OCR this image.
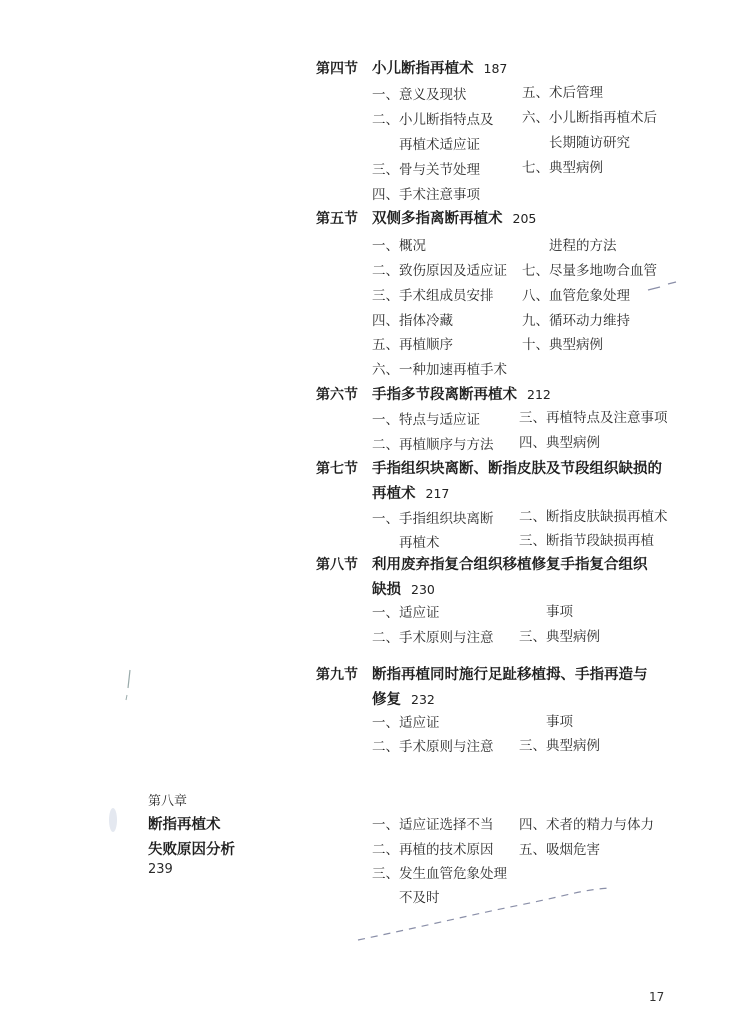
第四节 小儿断指再植术 187
一、意义及现状
二、小儿断指特点及
再植术适应证
三、骨与关节处理
四、手术注意事项
五、术后管理
六、小儿断指再植术后
长期随访研究
七、典型病例
第五节 双侧多指离断再植术 205
一、概况
二、致伤原因及适应证
三、手术组成员安排
四、指体冷藏
五、再植顺序
六、一种加速再植手术
进程的方法
七、尽量多地吻合血管
八、血管危象处理
九、循环动力维持
十、典型病例
第六节 手指多节段离断再植术 212
一、特点与适应证
二、再植顺序与方法
三、再植特点及注意事项
四、典型病例
第七节 手指组织块离断、断指皮肤及节段组织缺损的
再植术 217
一、手指组织块离断
再植术
二、断指皮肤缺损再植术
三、断指节段缺损再植
第八节 利用废弃指复合组织移植修复手指复合组织
缺损 230
一、适应证
二、手术原则与注意
事项
三、典型病例
第九节 断指再植同时施行足趾移植拇、手指再造与
修复 232
一、适应证
二、手术原则与注意
事项
三、典型病例
第八章
断指再植术
失败原因分析
239
一、适应证选择不当
二、再植的技术原因
三、发生血管危象处理
不及时
四、术者的精力与体力
五、吸烟危害
17
